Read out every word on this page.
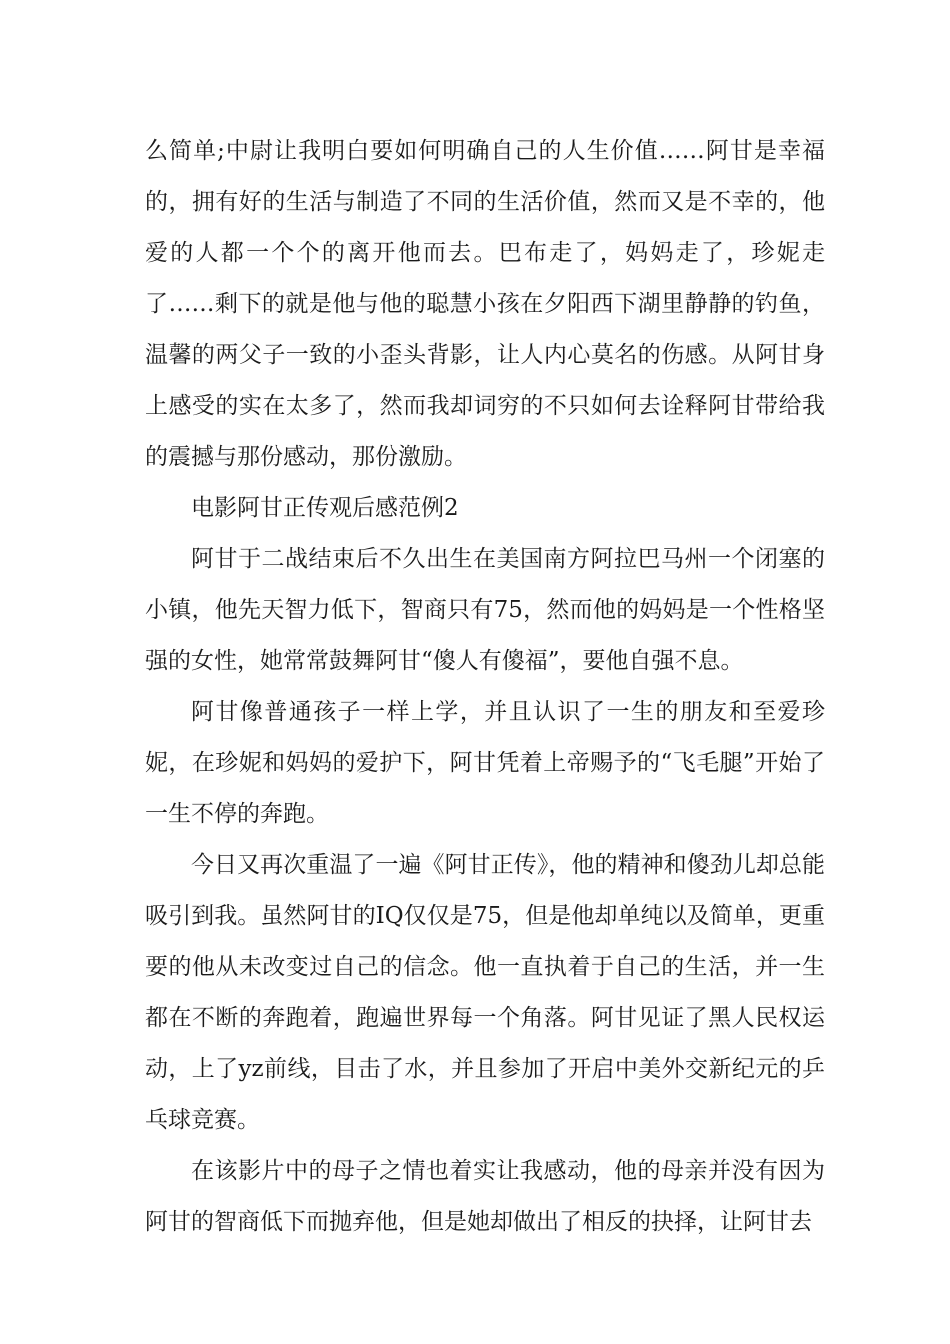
么简单;中尉让我明白要如何明确自己的人生价值……阿甘是幸福的，拥有好的生活与制造了不同的生活价值，然而又是不幸的，他爱的人都一个个的离开他而去。巴布走了，妈妈走了，珍妮走了……剩下的就是他与他的聪慧小孩在夕阳西下湖里静静的钓鱼，温馨的两父子一致的小歪头背影，让人内心莫名的伤感。从阿甘身上感受的实在太多了，然而我却词穷的不只如何去诠释阿甘带给我的震撼与那份感动，那份激励。

电影阿甘正传观后感范例2

阿甘于二战结束后不久出生在美国南方阿拉巴马州一个闭塞的小镇，他先天智力低下，智商只有75，然而他的妈妈是一个性格坚强的女性，她常常鼓舞阿甘“傻人有傻福”，要他自强不息。

阿甘像普通孩子一样上学，并且认识了一生的朋友和至爱珍妮，在珍妮和妈妈的爱护下，阿甘凭着上帝赐予的“飞毛腿”开始了一生不停的奔跑。

今日又再次重温了一遍《阿甘正传》，他的精神和傻劲儿却总能吸引到我。虽然阿甘的IQ仅仅是75，但是他却单纯以及简单，更重要的他从未改变过自己的信念。他一直执着于自己的生活，并一生都在不断的奔跑着，跑遍世界每一个角落。阿甘见证了黑人民权运动，上了yz前线，目击了水，并且参加了开启中美外交新纪元的乒乓球竞赛。

在该影片中的母子之情也着实让我感动，他的母亲并没有因为阿甘的智商低下而抛弃他，但是她却做出了相反的抉择，让阿甘去
